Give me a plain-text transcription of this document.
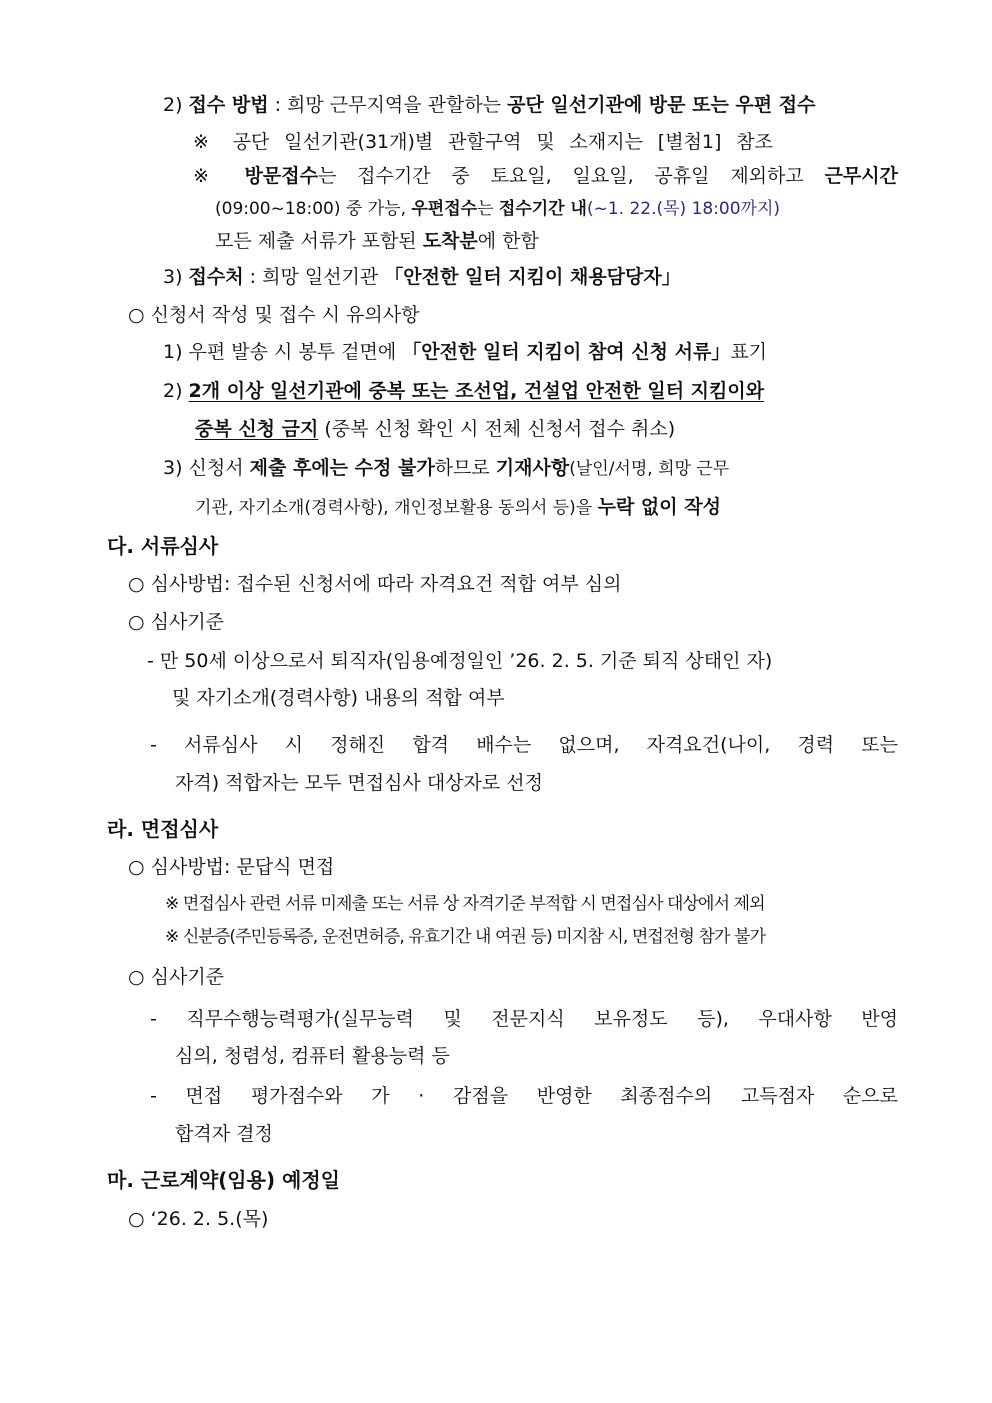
2) 접수 방법 : 희망 근무지역을 관할하는 공단 일선기관에 방문 또는 우편 접수
※ 공단 일선기관(31개)별 관할구역 및 소재지는 [별첨1] 참조
※ 방문접수는 접수기간 중 토요일, 일요일, 공휴일 제외하고 근무시간
(09:00~18:00) 중 가능, 우편접수는 접수기간 내(~1. 22.(목) 18:00까지)
모든 제출 서류가 포함된 도착분에 한함
3) 접수처 : 희망 일선기관 「안전한 일터 지킴이 채용담당자」
○ 신청서 작성 및 접수 시 유의사항
1) 우편 발송 시 봉투 겉면에 「안전한 일터 지킴이 참여 신청 서류」표기
2) 2개 이상 일선기관에 중복 또는 조선업, 건설업 안전한 일터 지킴이와
중복 신청 금지 (중복 신청 확인 시 전체 신청서 접수 취소)
3) 신청서 제출 후에는 수정 불가하므로 기재사항(날인/서명, 희망 근무
기관, 자기소개(경력사항), 개인정보활용 동의서 등)을 누락 없이 작성
다. 서류심사
○ 심사방법: 접수된 신청서에 따라 자격요건 적합 여부 심의
○ 심사기준
- 만 50세 이상으로서 퇴직자(임용예정일인 ’26. 2. 5. 기준 퇴직 상태인 자)
및 자기소개(경력사항) 내용의 적합 여부
- 서류심사 시 정해진 합격 배수는 없으며, 자격요건(나이, 경력 또는
자격) 적합자는 모두 면접심사 대상자로 선정
라. 면접심사
○ 심사방법: 문답식 면접
※ 면접심사 관련 서류 미제출 또는 서류 상 자격기준 부적합 시 면접심사 대상에서 제외
※ 신분증(주민등록증, 운전면허증, 유효기간 내 여권 등) 미지참 시, 면접전형 참가 불가
○ 심사기준
- 직무수행능력평가(실무능력 및 전문지식 보유정도 등), 우대사항 반영
심의, 청렴성, 컴퓨터 활용능력 등
- 면접 평가점수와 가 · 감점을 반영한 최종점수의 고득점자 순으로
합격자 결정
마. 근로계약(임용) 예정일
○ ‘26. 2. 5.(목)
